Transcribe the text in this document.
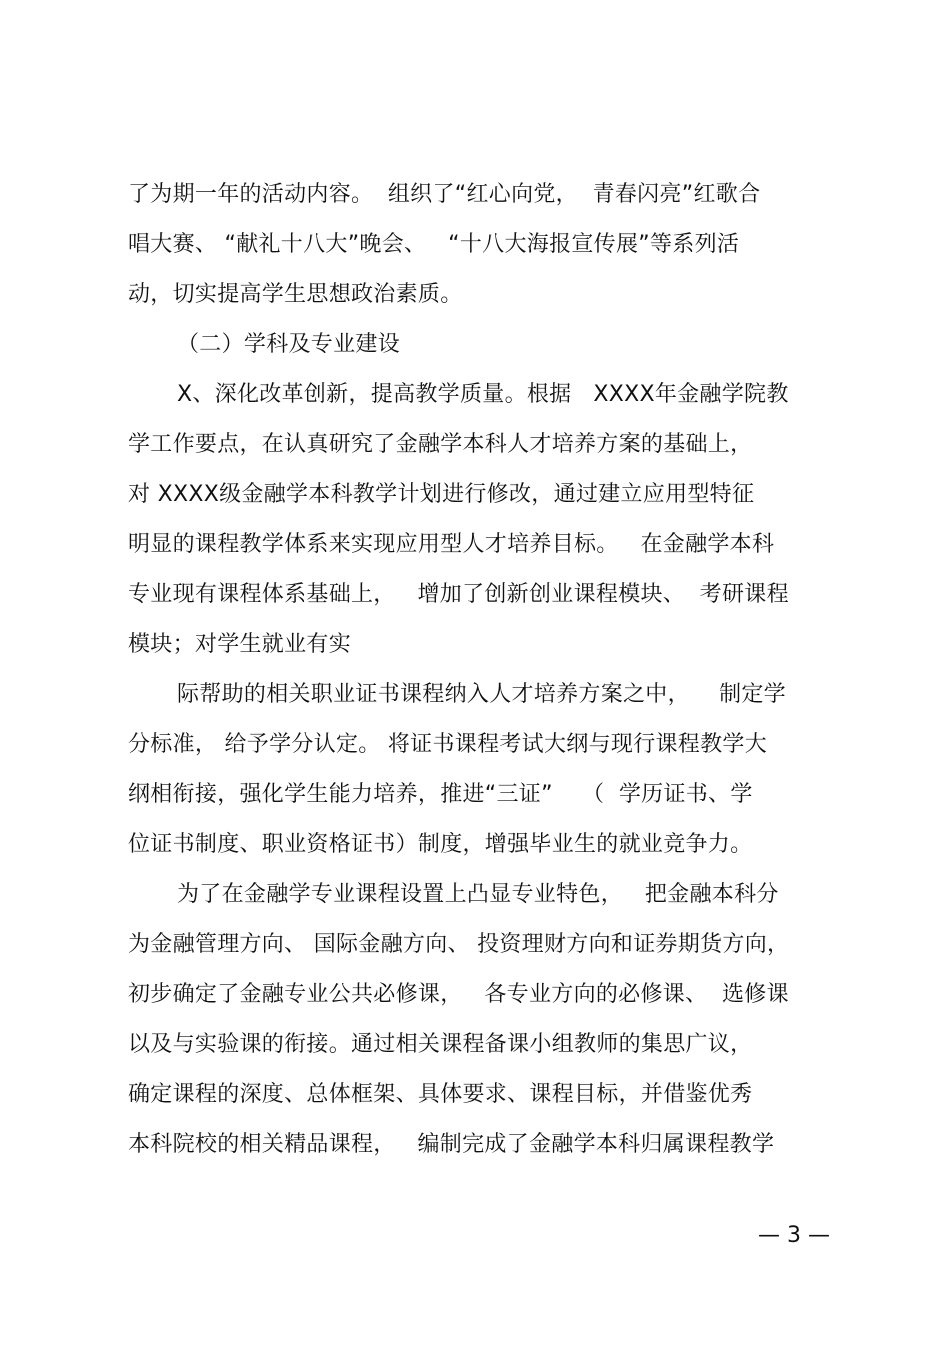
了为期一年的活动内容。  组织了“红心向党，  青春闪亮”红歌合
唱大赛、 “献礼十八大”晚会、   “十八大海报宣传展”等系列活
动，切实提高学生思想政治素质。
（二）学科及专业建设
X、深化改革创新，提高教学质量。根据   XXXX年金融学院教
学工作要点，在认真研究了金融学本科人才培养方案的基础上，
对 XXXX级金融学本科教学计划进行修改，通过建立应用型特征
明显的课程教学体系来实现应用型人才培养目标。   在金融学本科
专业现有课程体系基础上，   增加了创新创业课程模块、  考研课程
模块；对学生就业有实
际帮助的相关职业证书课程纳入人才培养方案之中，    制定学
分标准， 给予学分认定。 将证书课程考试大纲与现行课程教学大
纲相衔接，强化学生能力培养，推进“三证”    （  学历证书、学
位证书制度、职业资格证书）制度，增强毕业生的就业竞争力。
为了在金融学专业课程设置上凸显专业特色，   把金融本科分
为金融管理方向、 国际金融方向、 投资理财方向和证券期货方向，
初步确定了金融专业公共必修课，   各专业方向的必修课、  选修课
以及与实验课的衔接。通过相关课程备课小组教师的集思广议，
确定课程的深度、总体框架、具体要求、课程目标，并借鉴优秀
本科院校的相关精品课程，   编制完成了金融学本科归属课程教学
— 3 —
